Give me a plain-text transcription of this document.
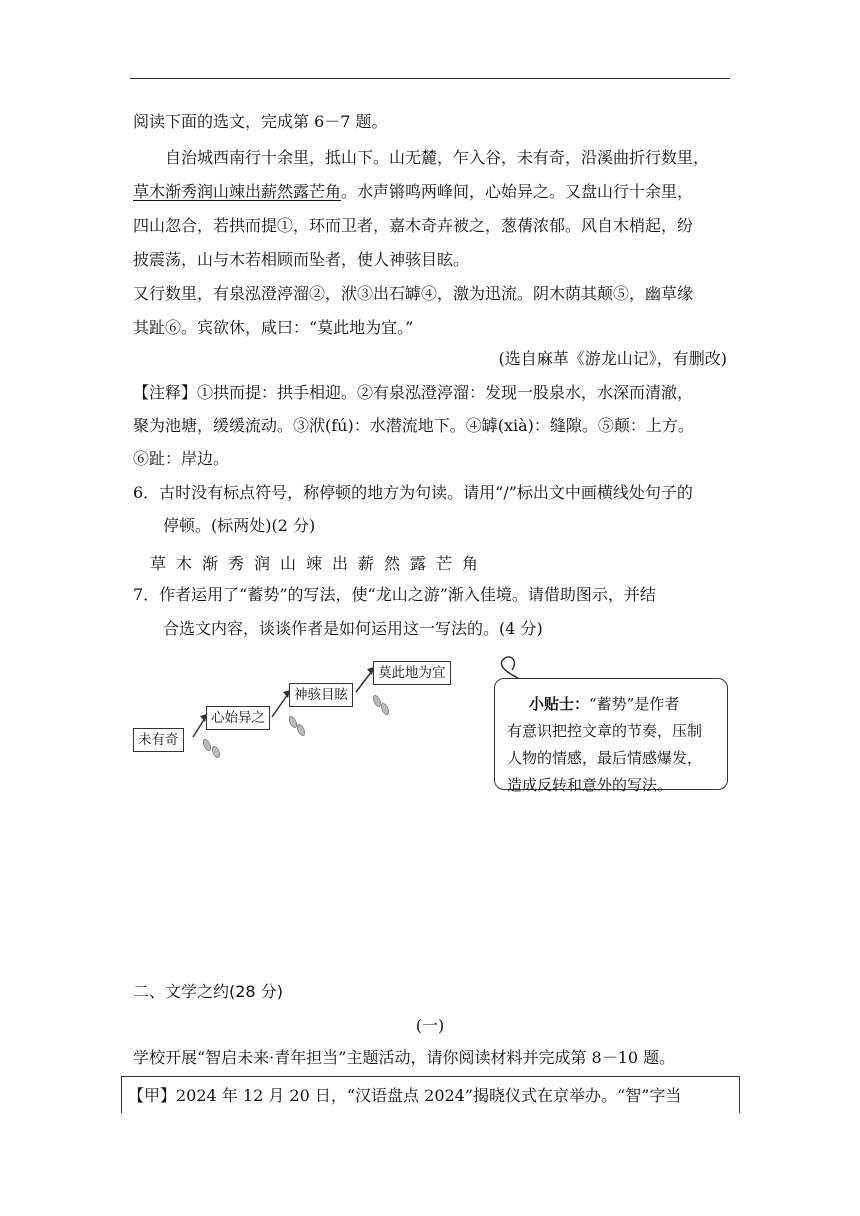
阅读下面的选文，完成第 6－7 题。
自治城西南行十余里，抵山下。山无麓，乍入谷，未有奇，沿溪曲折行数里，
草木渐秀润山竦出薪然露芒角。水声锵鸣两峰间，心始异之。又盘山行十余里，
四山忽合，若拱而提①，环而卫者，嘉木奇卉被之，葱蒨浓郁。风自木梢起，纷
披震荡，山与木若相顾而坠者，使人神骇目眩。
又行数里，有泉泓澄渟溜②，洑③出石罅④，激为迅流。阴木荫其颠⑤，幽草缘
其趾⑥。宾欲休，咸曰：“莫此地为宜。”
(选自麻革《游龙山记》，有删改)
【注释】①拱而提：拱手相迎。②有泉泓澄渟溜：发现一股泉水，水深而清澈，
聚为池塘，缓缓流动。③洑(fú)：水潜流地下。④罅(xià)：缝隙。⑤颠：上方。
⑥趾：岸边。
6．古时没有标点符号，称停顿的地方为句读。请用“/”标出文中画横线处句子的
停顿。(标两处)(2 分)
草 木 渐 秀 润 山 竦 出 薪 然 露 芒 角
7．作者运用了“蓄势”的写法，使“龙山之游”渐入佳境。请借助图示，并结
合选文内容，谈谈作者是如何运用这一写法的。(4 分)
未有奇
心始异之
神骇目眩
莫此地为宜
小贴士：“蓄势”是作者
有意识把控文章的节奏，压制
人物的情感，最后情感爆发，
造成反转和意外的写法。
二、文学之约(28 分)
(一)
学校开展“智启未来·青年担当”主题活动，请你阅读材料并完成第 8－10 题。
【甲】2024 年 12 月 20 日，“汉语盘点 2024”揭晓仪式在京举办。“智”字当
